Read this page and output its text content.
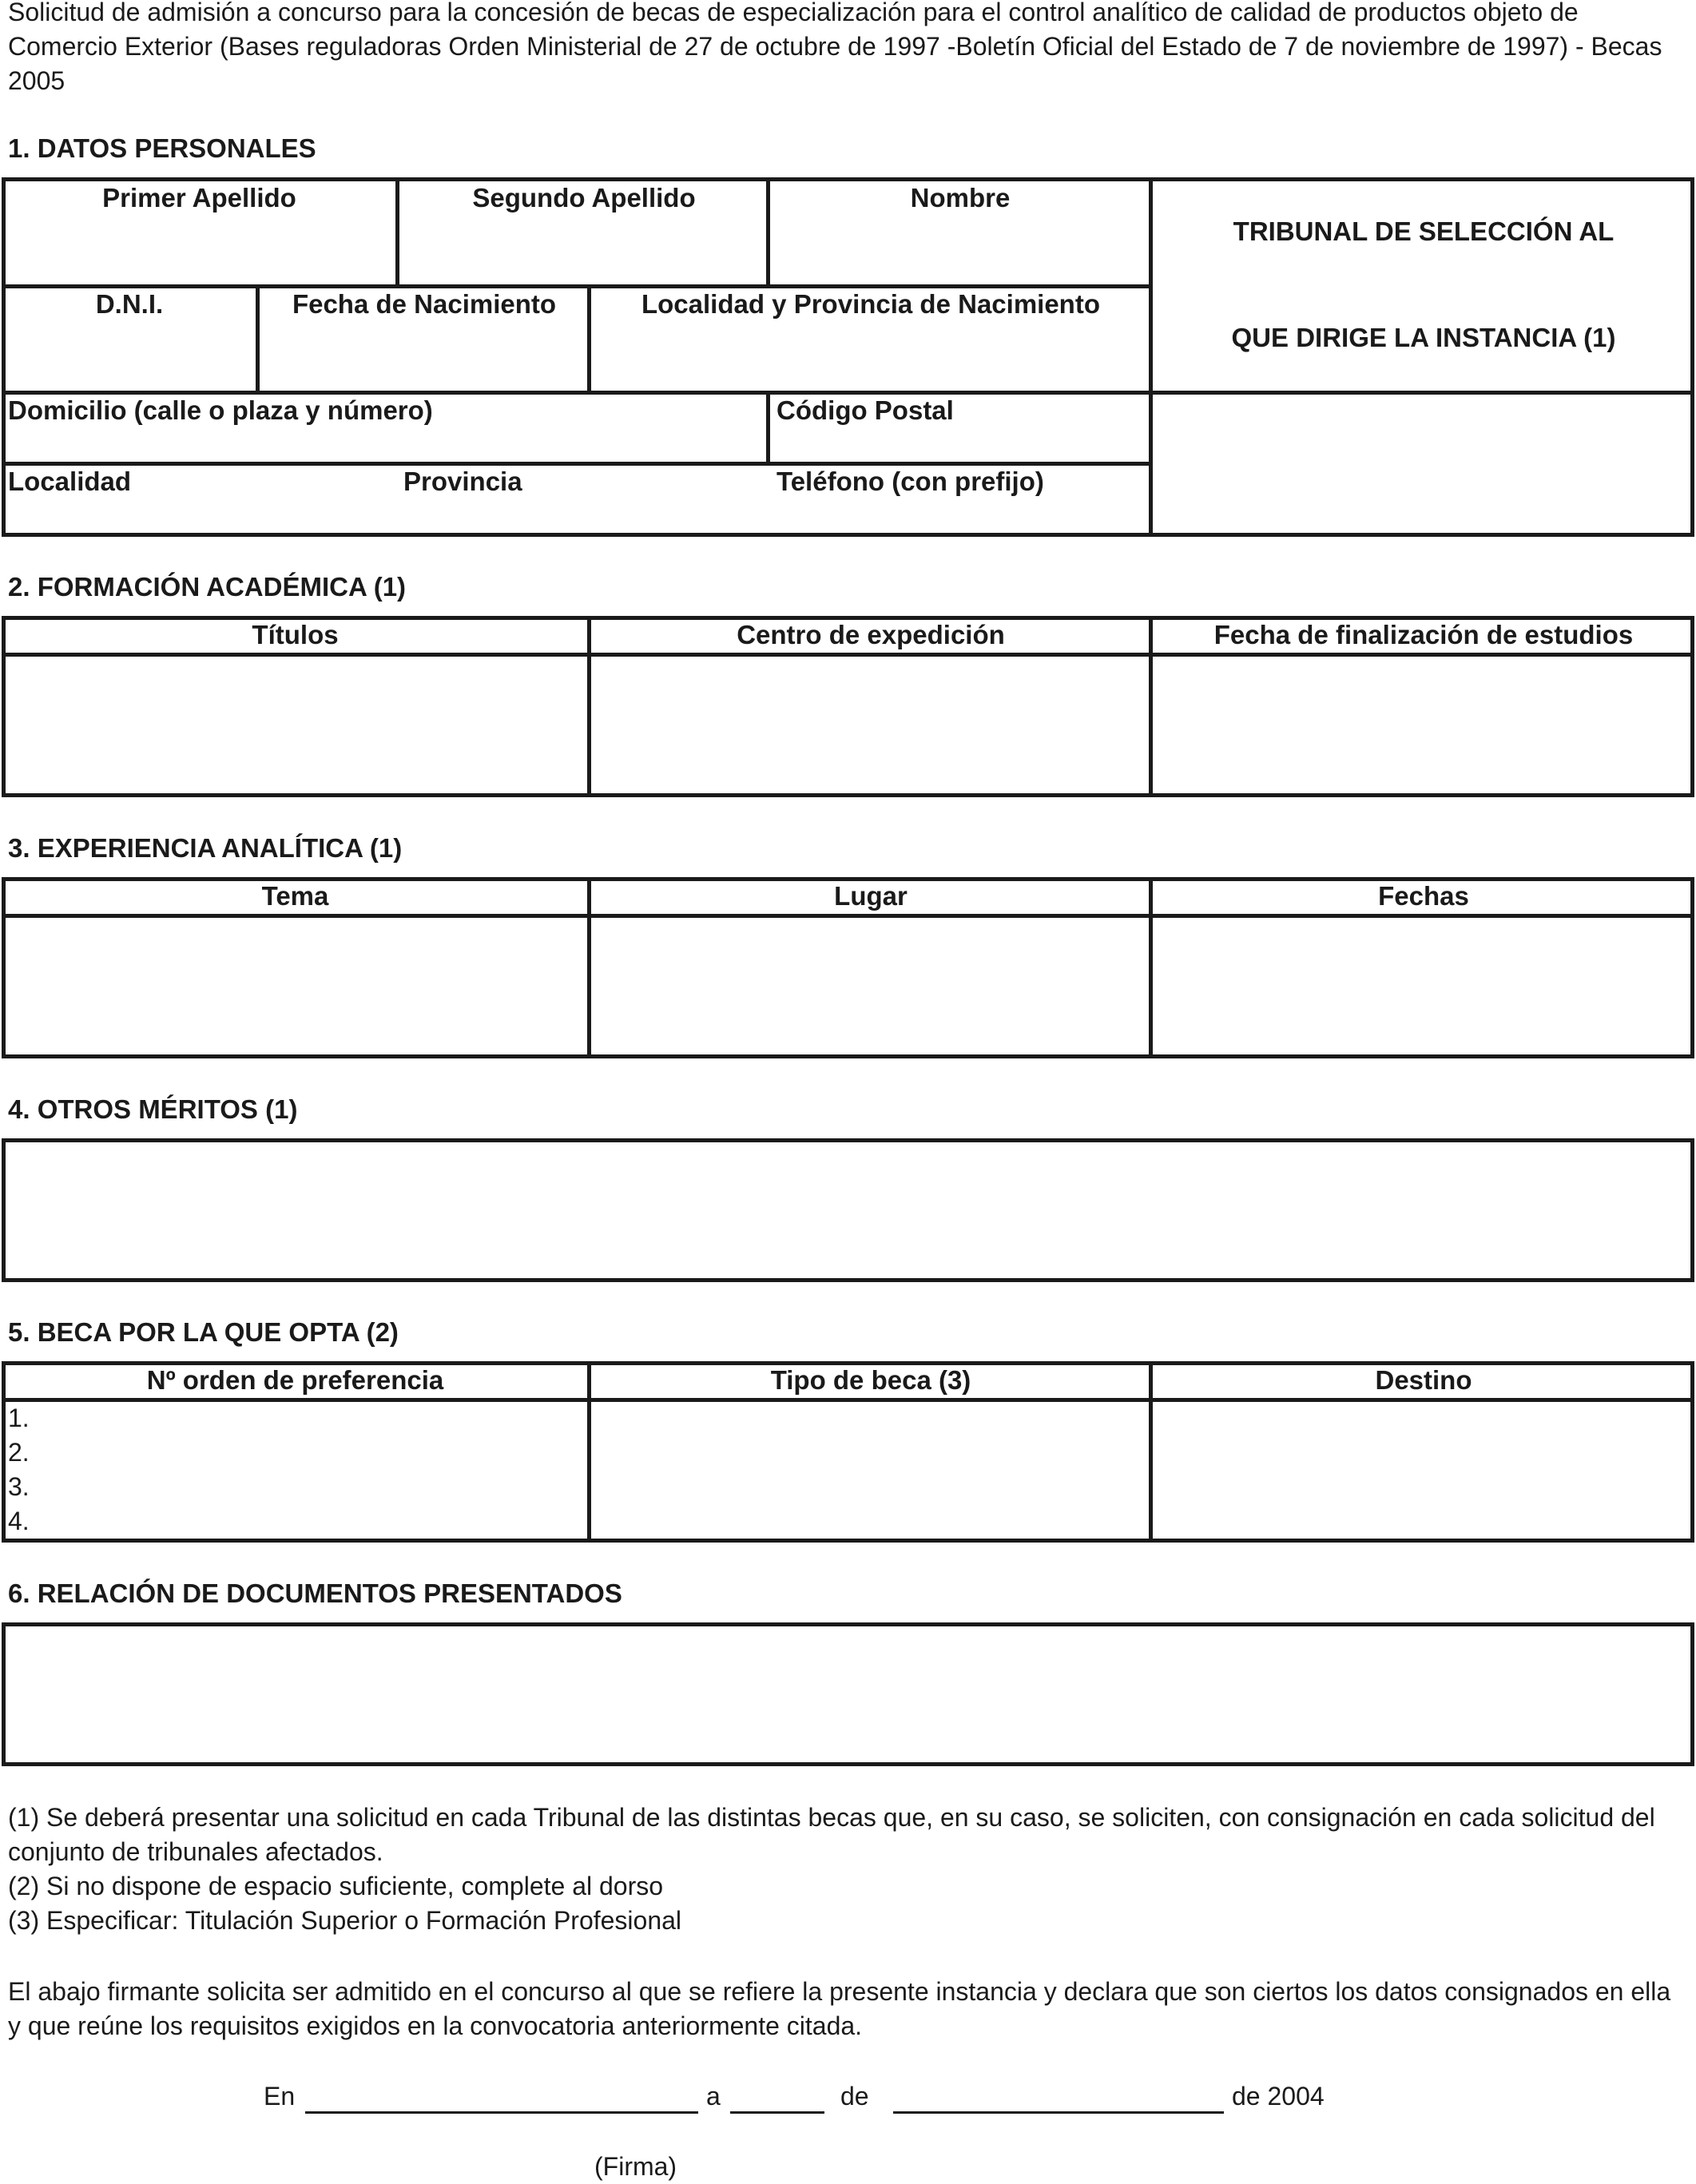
Solicitud de admisión a concurso para la concesión de becas de especialización para el control analítico de calidad de productos objeto de Comercio Exterior (Bases reguladoras Orden Ministerial de 27 de octubre de 1997 -Boletín Oficial del Estado de 7 de noviembre de 1997) - Becas 2005
1. DATOS PERSONALES
Primer Apellido	Segundo Apellido	Nombre
TRIBUNAL DE SELECCIÓN AL
QUE DIRIGE LA INSTANCIA (1)
D.N.I.	Fecha de Nacimiento	Localidad y Provincia de Nacimiento
Domicilio (calle o plaza y número)	Código Postal
Localidad	Provincia	Teléfono (con prefijo)
2. FORMACIÓN ACADÉMICA (1)
Títulos	Centro de expedición	Fecha de finalización de estudios
3. EXPERIENCIA ANALÍTICA (1)
Tema	Lugar	Fechas
4. OTROS MÉRITOS (1)
5. BECA POR LA QUE OPTA (2)
Nº orden de preferencia	Tipo de beca (3)	Destino
1.
2.
3.
4.
6. RELACIÓN DE DOCUMENTOS PRESENTADOS
(1) Se deberá presentar una solicitud en cada Tribunal de las distintas becas que, en su caso, se soliciten, con consignación en cada solicitud del conjunto de tribunales afectados.
(2) Si no dispone de espacio suficiente, complete al dorso
(3) Especificar: Titulación Superior o Formación Profesional
El abajo firmante solicita ser admitido en el concurso al que se refiere la presente instancia y declara que son ciertos los datos consignados en ella y que reúne los requisitos exigidos en la convocatoria anteriormente citada.
En	a	de	de 2004
(Firma)
